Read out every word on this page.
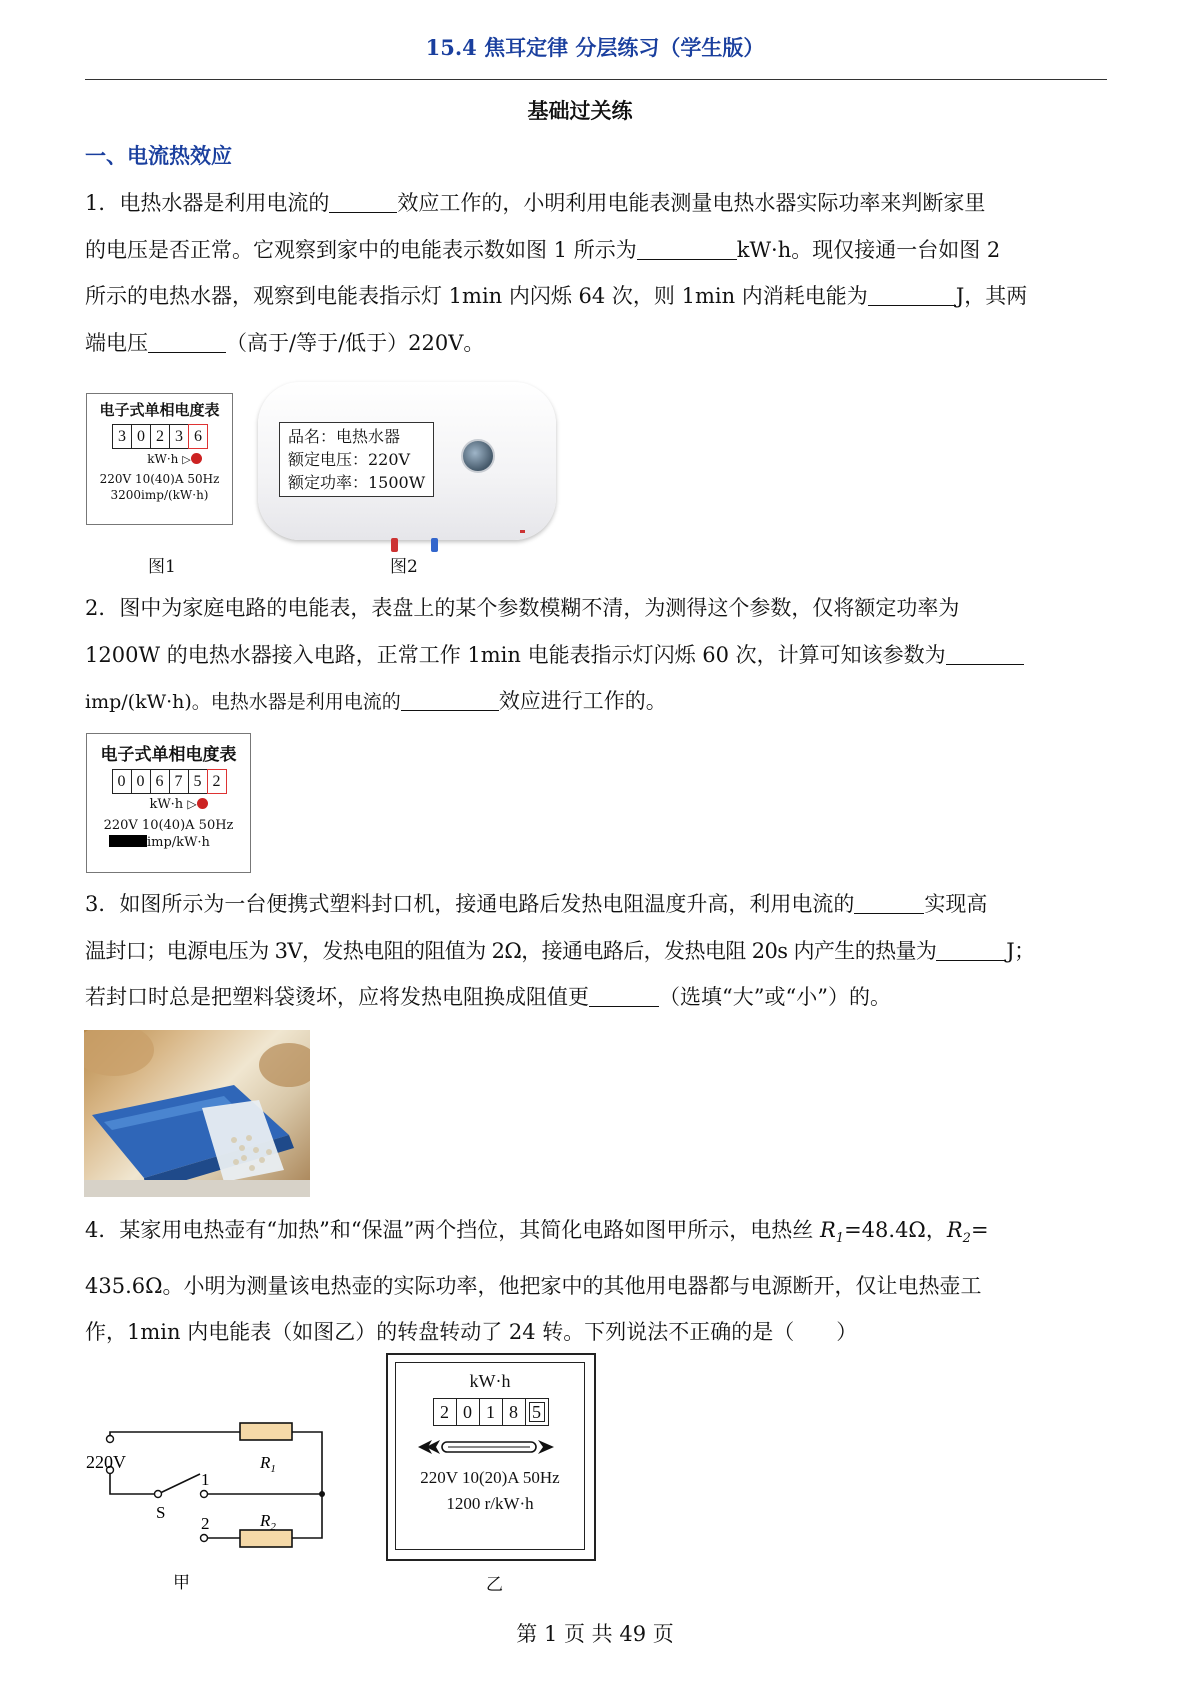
15.4 焦耳定律 分层练习（学生版）
基础过关练
一、电流热效应
1．电热水器是利用电流的	效应工作的，小明利用电能表测量电热水器实际功率来判断家里
的电压是否正常。它观察到家中的电能表示数如图 1 所示为	kW·h。现仅接通一台如图 2
所示的电热水器，观察到电能表指示灯 1min 内闪烁 64 次，则 1min 内消耗电能为	J，其两
端电压	（高于/等于/低于）220V。
电子式单相电度表
3 0 2 3 6
kW·h ▷
220V 10(40)A 50Hz
3200imp/(kW·h)
图1
品名：电热水器
额定电压：220V
额定功率：1500W
图2
2．图中为家庭电路的电能表，表盘上的某个参数模糊不清，为测得这个参数，仅将额定功率为
1200W 的电热水器接入电路，正常工作 1min 电能表指示灯闪烁 60 次，计算可知该参数为
imp/(kW·h)。电热水器是利用电流的	效应进行工作的。
电子式单相电度表
0 0 6 7 5 2
kW·h ▷
220V 10(40)A 50Hz
imp/kW·h
3．如图所示为一台便携式塑料封口机，接通电路后发热电阻温度升高，利用电流的	实现高
温封口；电源电压为 3V，发热电阻的阻值为 2Ω，接通电路后，发热电阻 20s 内产生的热量为	J；
若封口时总是把塑料袋烫坏，应将发热电阻换成阻值更	（选填“大”或“小”）的。
4．某家用电热壶有“加热”和“保温”两个挡位，其简化电路如图甲所示，电热丝 $R_1=48.4\Omega$，$R_2=$
435.6Ω。小明为测量该电热壶的实际功率，他把家中的其他用电器都与电源断开，仅让电热壶工
作，1min 内电能表（如图乙）的转盘转动了 24 转。下列说法不正确的是（　　）
220V	$R_1$
$R_2$
1
2
S
甲
kW·h
2 0 1 8 5
220V 10(20)A 50Hz
1200 r/kW·h
乙
第 1 页 共 49 页
